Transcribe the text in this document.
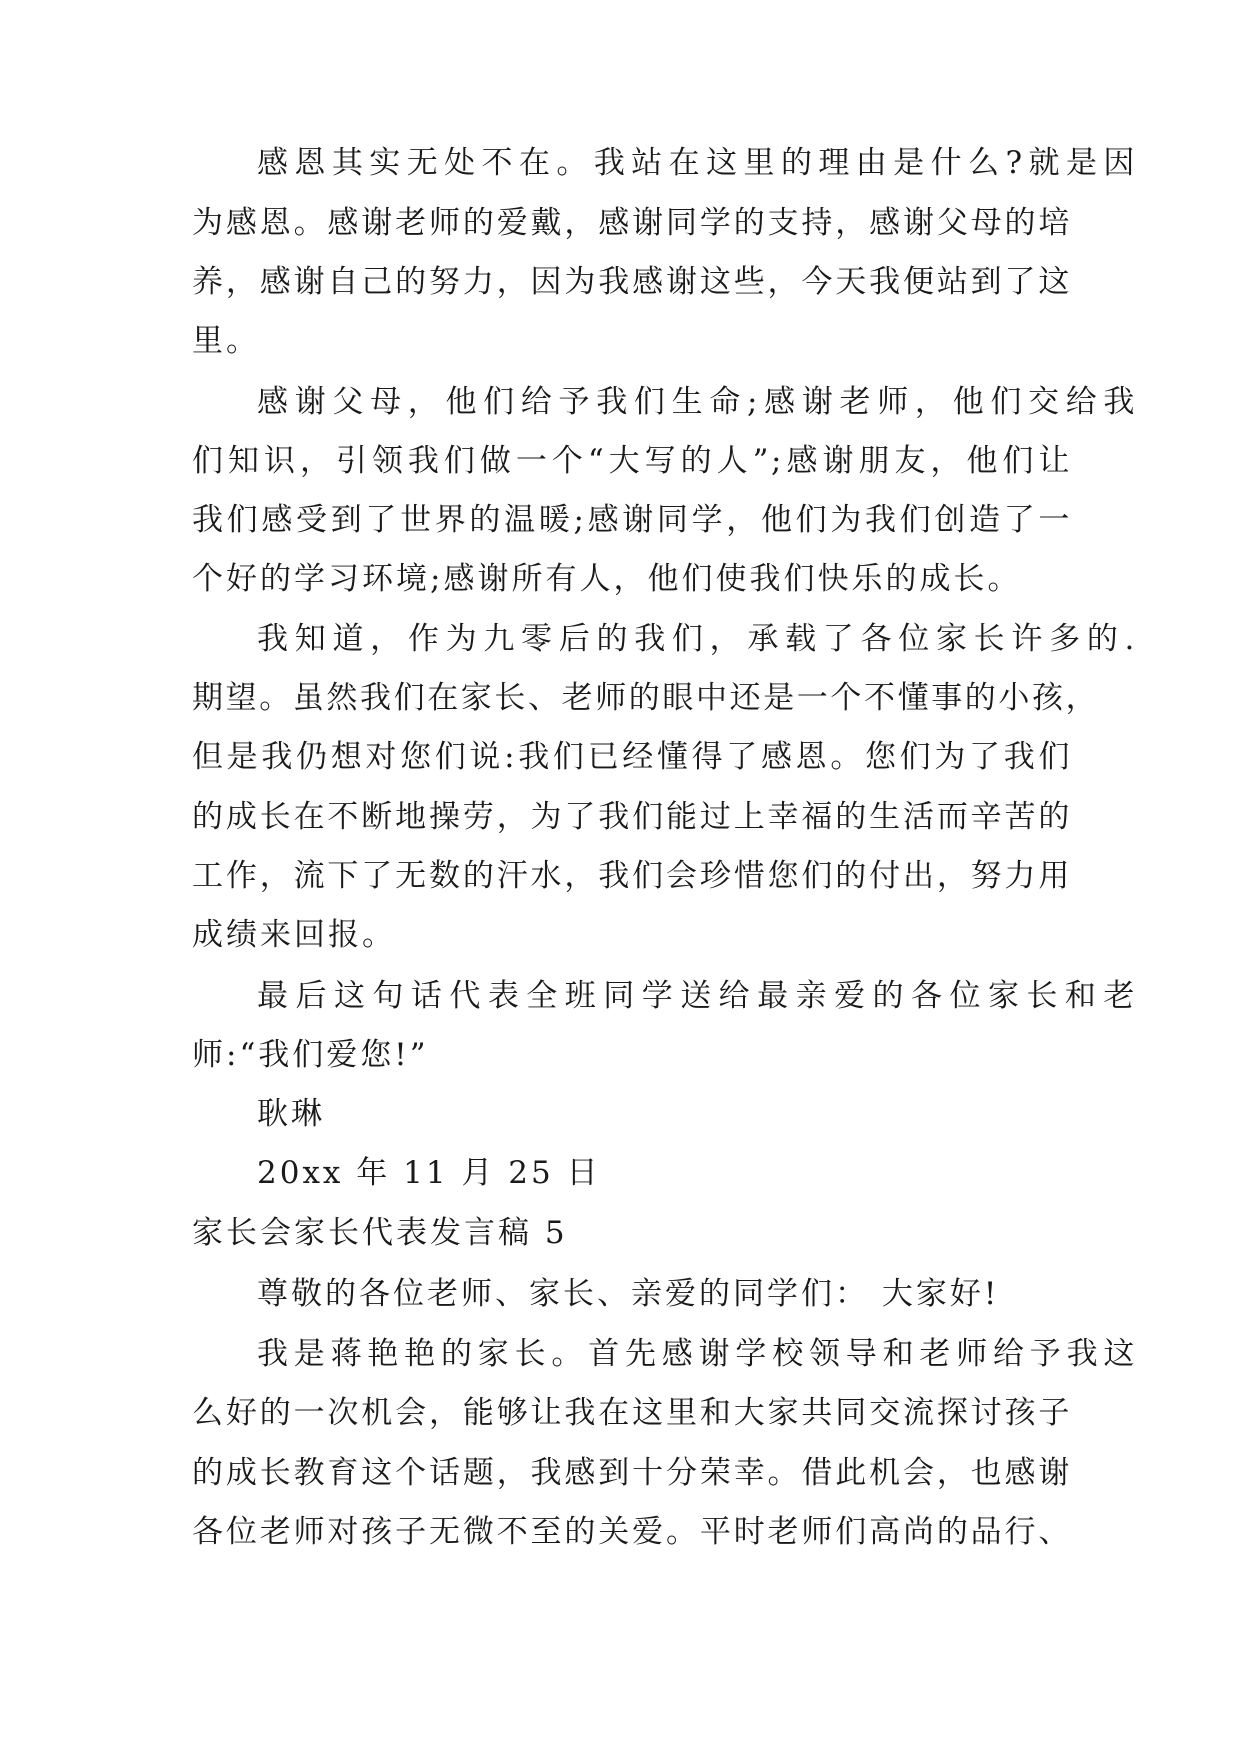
感恩其实无处不在。我站在这里的理由是什么?就是因
为感恩。感谢老师的爱戴，感谢同学的支持，感谢父母的培
养，感谢自己的努力，因为我感谢这些，今天我便站到了这
里。
感谢父母，他们给予我们生命;感谢老师，他们交给我
们知识，引领我们做一个“大写的人”;感谢朋友，他们让
我们感受到了世界的温暖;感谢同学，他们为我们创造了一
个好的学习环境;感谢所有人，他们使我们快乐的成长。
我知道，作为九零后的我们，承载了各位家长许多的.
期望。虽然我们在家长、老师的眼中还是一个不懂事的小孩，
但是我仍想对您们说:我们已经懂得了感恩。您们为了我们
的成长在不断地操劳，为了我们能过上幸福的生活而辛苦的
工作，流下了无数的汗水，我们会珍惜您们的付出，努力用
成绩来回报。
最后这句话代表全班同学送给最亲爱的各位家长和老
师:“我们爱您!”
耿琳
20xx 年 11 月 25 日
家长会家长代表发言稿 5
尊敬的各位老师、家长、亲爱的同学们： 大家好!
我是蒋艳艳的家长。首先感谢学校领导和老师给予我这
么好的一次机会，能够让我在这里和大家共同交流探讨孩子
的成长教育这个话题，我感到十分荣幸。借此机会，也感谢
各位老师对孩子无微不至的关爱。平时老师们高尚的品行、
